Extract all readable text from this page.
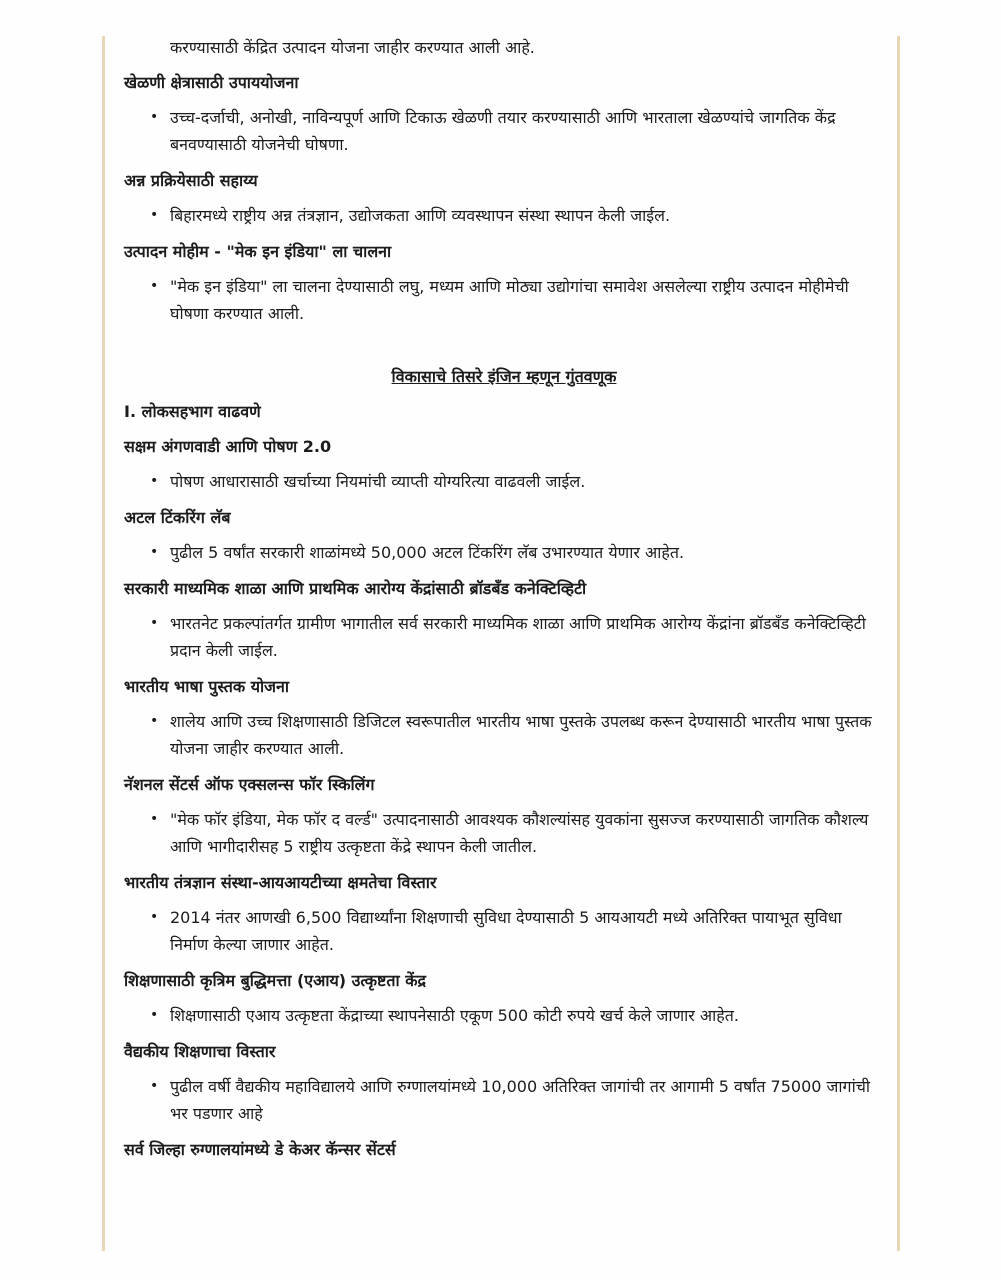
करण्यासाठी केंद्रित उत्पादन योजना जाहीर करण्यात आली आहे.
खेळणी क्षेत्रासाठी उपाययोजना
• उच्च-दर्जाची, अनोखी, नाविन्यपूर्ण आणि टिकाऊ खेळणी तयार करण्यासाठी आणि भारताला खेळण्यांचे जागतिक केंद्र बनवण्यासाठी योजनेची घोषणा.
अन्न प्रक्रियेसाठी सहाय्य
• बिहारमध्ये राष्ट्रीय अन्न तंत्रज्ञान, उद्योजकता आणि व्यवस्थापन संस्था स्थापन केली जाईल.
उत्पादन मोहीम - "मेक इन इंडिया" ला चालना
• "मेक इन इंडिया" ला चालना देण्यासाठी लघु, मध्यम आणि मोठ्या उद्योगांचा समावेश असलेल्या राष्ट्रीय उत्पादन मोहीमेची घोषणा करण्यात आली.
विकासाचे तिसरे इंजिन म्हणून गुंतवणूक
I. लोकसहभाग वाढवणे
सक्षम अंगणवाडी आणि पोषण 2.0
• पोषण आधारासाठी खर्चाच्या नियमांची व्याप्ती योग्यरित्या वाढवली जाईल.
अटल टिंकरिंग लॅब
• पुढील 5 वर्षांत सरकारी शाळांमध्ये 50,000 अटल टिंकरिंग लॅब उभारण्यात येणार आहेत.
सरकारी माध्यमिक शाळा आणि प्राथमिक आरोग्य केंद्रांसाठी ब्रॉडबँड कनेक्टिव्हिटी
• भारतनेट प्रकल्पांतर्गत ग्रामीण भागातील सर्व सरकारी माध्यमिक शाळा आणि प्राथमिक आरोग्य केंद्रांना ब्रॉडबँड कनेक्टिव्हिटी प्रदान केली जाईल.
भारतीय भाषा पुस्तक योजना
• शालेय आणि उच्च शिक्षणासाठी डिजिटल स्वरूपातील भारतीय भाषा पुस्तके उपलब्ध करून देण्यासाठी भारतीय भाषा पुस्तक योजना जाहीर करण्यात आली.
नॅशनल सेंटर्स ऑफ एक्सलन्स फॉर स्किलिंग
• "मेक फॉर इंडिया, मेक फॉर द वर्ल्ड" उत्पादनासाठी आवश्यक कौशल्यांसह युवकांना सुसज्ज करण्यासाठी जागतिक कौशल्य आणि भागीदारीसह 5 राष्ट्रीय उत्कृष्टता केंद्रे स्थापन केली जातील.
भारतीय तंत्रज्ञान संस्था-आयआयटीच्या क्षमतेचा विस्तार
• 2014 नंतर आणखी 6,500 विद्यार्थ्यांना शिक्षणाची सुविधा देण्यासाठी 5 आयआयटी मध्ये अतिरिक्त पायाभूत सुविधा निर्माण केल्या जाणार आहेत.
शिक्षणासाठी कृत्रिम बुद्धिमत्ता (एआय) उत्कृष्टता केंद्र
• शिक्षणासाठी एआय उत्कृष्टता केंद्राच्या स्थापनेसाठी एकूण 500 कोटी रुपये खर्च केले जाणार आहेत.
वैद्यकीय शिक्षणाचा विस्तार
• पुढील वर्षी वैद्यकीय महाविद्यालये आणि रुग्णालयांमध्ये 10,000 अतिरिक्त जागांची तर आगामी 5 वर्षांत 75000 जागांची भर पडणार आहे
सर्व जिल्हा रुग्णालयांमध्ये डे केअर कॅन्सर सेंटर्स
